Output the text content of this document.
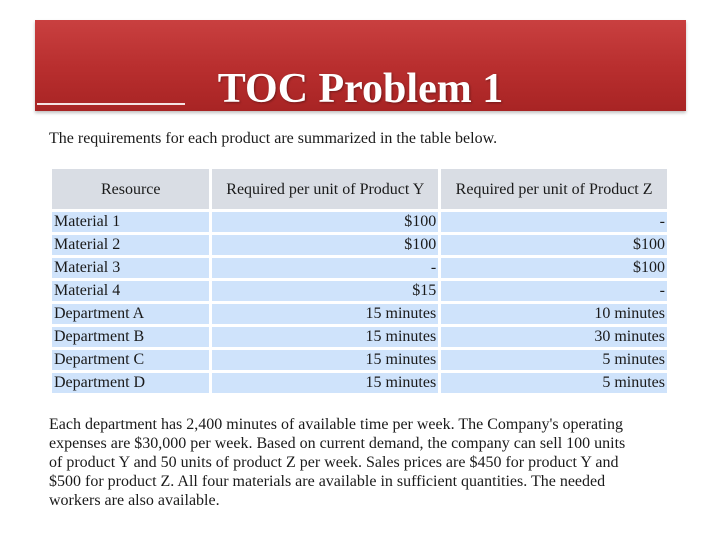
TOC Problem 1
The requirements for each product are summarized in the table below.
Resource	Required per unit of Product Y	Required per unit of Product Z
Material 1	$100	-
Material 2	$100	$100
Material 3	-	$100
Material 4	$15	-
Department A	15 minutes	10 minutes
Department B	15 minutes	30 minutes
Department C	15 minutes	5 minutes
Department D	15 minutes	5 minutes
Each department has 2,400 minutes of available time per week. The Company's operating expenses are $30,000 per week. Based on current demand, the company can sell 100 units of product Y and 50 units of product Z per week. Sales prices are $450 for product Y and $500 for product Z. All four materials are available in sufficient quantities. The needed workers are also available.
